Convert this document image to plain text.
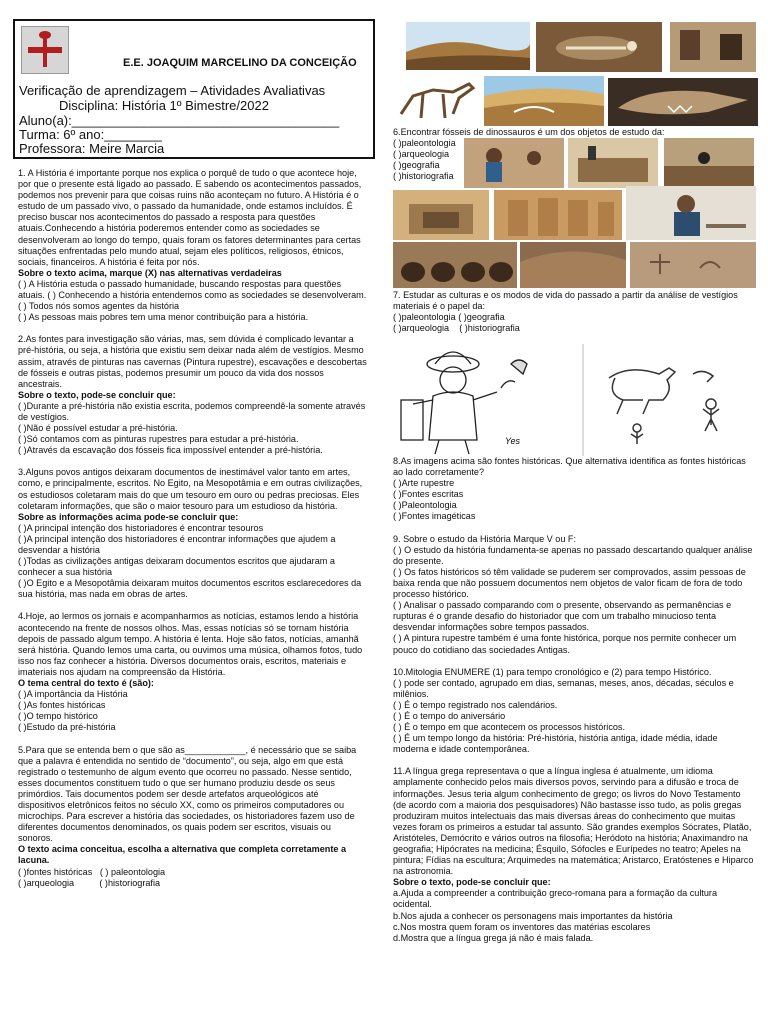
E.E. JOAQUIM MARCELINO DA CONCEIÇÃO
Verificação de aprendizagem – Atividades Avaliativas
Disciplina: História 1º Bimestre/2022
Aluno(a):_____________________________________
Turma: 6º ano:________
Professora: Meire Marcia

1. A História é importante porque nos explica o porquê de tudo o que acontece hoje, por que o presente está ligado ao passado. E sabendo os acontecimentos passados, podemos nos prevenir para que coisas ruins não aconteçam no futuro. A História é o estudo de um passado vivo, o passado da humanidade, onde estamos incluídos. É preciso buscar nos acontecimentos do passado a resposta para questões atuais.Conhecendo a história poderemos entender como as sociedades se desenvolveram ao longo do tempo, quais foram os fatores determinantes para certas situações enfrentadas pelo mundo atual, sejam eles políticos, religiosos, étnicos, sociais, financeiros. A história é feita por nós.

Sobre o texto acima, marque (X) nas alternativas verdadeiras

( ) A História estuda o passado humanidade, buscando respostas para questões atuais. ( ) Conhecendo a história entendemos como as sociedades se desenvolveram.

( ) Todos nós somos agentes da história

( ) As pessoas mais pobres tem uma menor contribuição para a história.

2.As fontes para investigação são várias, mas, sem dúvida é complicado levantar a pré-história, ou seja, a história que existiu sem deixar nada além de vestígios. Mesmo assim, através de pinturas nas cavernas (Pintura rupestre), escavações e descobertas de fósseis e outras pistas, podemos presumir um pouco da vida dos nossos ancestrais.

Sobre o texto, pode-se concluir que:

( )Durante a pré-história não existia escrita, podemos compreendê-la somente através de vestígios.

( )Não é possível estudar a pré-história.

( )Só contamos com as pinturas rupestres para estudar a pré-história.

( )Através da escavação dos fósseis fica impossível entender a pré-história.

3.Alguns povos antigos deixaram documentos de inestimável valor tanto em artes, como, e principalmente, escritos. No Egito, na Mesopotâmia e em outras civilizações, os estudiosos coletaram mais do que um tesouro em ouro ou pedras preciosas. Eles coletaram informações, que são o maior tesouro para um estudioso da história.

Sobre as informações acima pode-se concluir que:

( )A principal intenção dos historiadores é encontrar tesouros

( )A principal intenção dos historiadores é encontrar informações que ajudem a desvendar a história

( )Todas as civilizações antigas deixaram documentos escritos que ajudaram a conhecer a sua história

( )O Egito e a Mesopotâmia deixaram muitos documentos escritos esclarecedores da sua história, mas nada em obras de artes.

4.Hoje, ao lermos os jornais e acompanharmos as notícias, estamos lendo a história acontecendo na frente de nossos olhos. Mas, essas notícias só se tornam história depois de passado algum tempo. A história é lenta. Hoje são fatos, notícias, amanhã será história. Quando lemos uma carta, ou ouvimos uma música, olhamos fotos, tudo isso nos faz conhecer a história. Diversos documentos orais, escritos, materiais e imateriais nos ajudam na compreensão da História.

O tema central do texto é (são):

( )A importância da História

( )As fontes históricas

( )O tempo histórico

( )Estudo da pré-história

5.Para que se entenda bem o que são as____________, é necessário que se saiba que a palavra é entendida no sentido de “documento”, ou seja, algo em que está registrado o testemunho de algum evento que ocorreu no passado. Nesse sentido, esses documentos constituem tudo o que ser humano produziu desde os seus primórdios. Tais documentos podem ser desde artefatos arqueológicos até dispositivos eletrônicos feitos no século XX, como os primeiros computadores ou microchips. Para escrever a história das sociedades, os historiadores fazem uso de diferentes documentos denominados, os quais podem ser escritos, visuais ou sonoros.

O texto acima conceitua, escolha a alternativa que completa corretamente a lacuna.

( )fontes históricas   ( ) paleontologia

( )arqueologia          ( )historiografia

6.Encontrar fósseis de dinossauros é um dos objetos de estudo da:

( )paleontologia

( )arqueologia

( )geografia

( )historiografia

7. Estudar as culturas e os modos de vida do passado a partir da análise de vestígios materiais é o papel da:

( )paleontologia ( )geografia

( )arqueologia    ( )historiografia

Yes

8.As imagens acima são fontes históricas. Que alternativa identifica as fontes históricas ao lado corretamente?

( )Arte rupestre

( )Fontes escritas

( )Paleontologia

( )Fontes imagéticas

9. Sobre o estudo da História Marque V ou F:

( ) O estudo da história fundamenta-se apenas no passado descartando qualquer análise do presente.

( ) Os fatos históricos só têm validade se puderem ser comprovados, assim pessoas de baixa renda que não possuem documentos nem objetos de valor ficam de fora de todo processo histórico.

( ) Analisar o passado comparando com o presente, observando as permanências e rupturas é o grande desafio do historiador que com um trabalho minucioso tenta desvendar informações sobre tempos passados.

( ) A pintura rupestre também é uma fonte histórica, porque nos permite conhecer um pouco do cotidiano das sociedades Antigas.

10.Mitologia ENUMERE (1) para tempo cronológico e (2) para tempo Histórico.

( ) pode ser contado, agrupado em dias, semanas, meses, anos, décadas, séculos e milênios.

( ) É o tempo registrado nos calendários.

( ) É o tempo do aniversário

( ) É o tempo em que acontecem os processos históricos.

( ) É um tempo longo da história: Pré-história, história antiga, idade média, idade moderna e idade contemporânea.

11.A língua grega representava o que a língua inglesa é atualmente, um idioma amplamente conhecido pelos mais diversos povos, servindo para a difusão e troca de informações. Jesus teria algum conhecimento de grego; os livros do Novo Testamento (de acordo com a maioria dos pesquisadores) Não bastasse isso tudo, as polis gregas produziram muitos intelectuais das mais diversas áreas do conhecimento que muitas vezes foram os primeiros a estudar tal assunto. São grandes exemplos Sócrates, Platão, Aristóteles, Demócrito e vários outros na filosofia; Heródoto na história; Anaximandro na geografia; Hipócrates na medicina; Ésquilo, Sófocles e Eurípedes no teatro; Apeles na pintura; Fídias na escultura; Arquimedes na matemática; Aristarco, Eratóstenes e Hiparco na astronomia.

Sobre o texto, pode-se concluir que:

a.Ajuda a compreender a contribuição greco-romana para a formação da cultura ocidental.

b.Nos ajuda a conhecer os personagens mais importantes da história

c.Nos mostra quem foram os inventores das matérias escolares

d.Mostra que a língua grega já não é mais falada.
